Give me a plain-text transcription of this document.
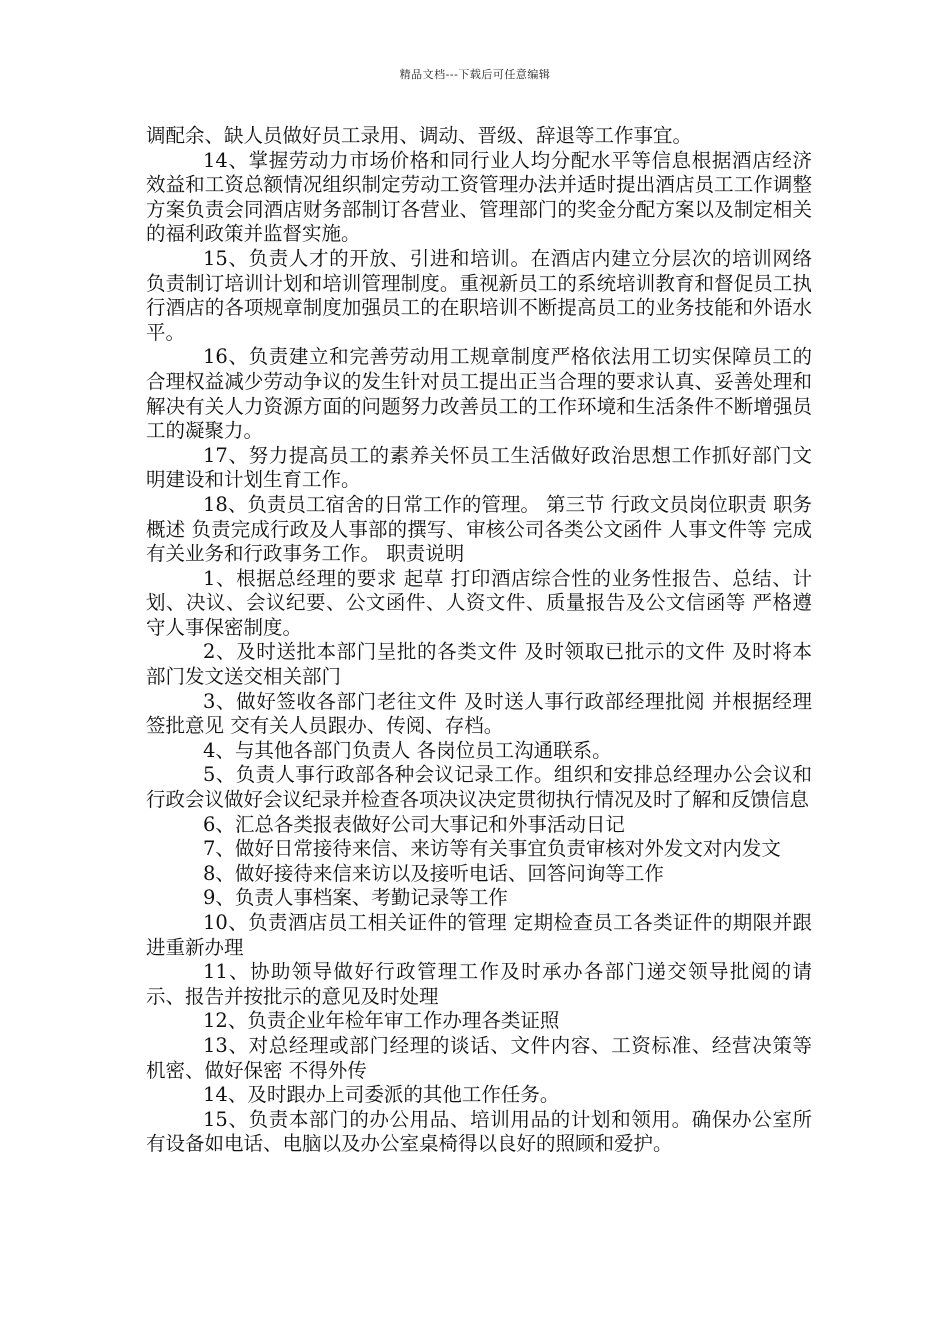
精品文档---下载后可任意编辑

调配余、缺人员做好员工录用、调动、晋级、辞退等工作事宜。

14、掌握劳动力市场价格和同行业人均分配水平等信息根据酒店经济效益和工资总额情况组织制定劳动工资管理办法并适时提出酒店员工工作调整方案负责会同酒店财务部制订各营业、管理部门的奖金分配方案以及制定相关的福利政策并监督实施。

15、负责人才的开放、引进和培训。在酒店内建立分层次的培训网络负责制订培训计划和培训管理制度。重视新员工的系统培训教育和督促员工执行酒店的各项规章制度加强员工的在职培训不断提高员工的业务技能和外语水平。

16、负责建立和完善劳动用工规章制度严格依法用工切实保障员工的合理权益减少劳动争议的发生针对员工提出正当合理的要求认真、妥善处理和解决有关人力资源方面的问题努力改善员工的工作环境和生活条件不断增强员工的凝聚力。

17、努力提高员工的素养关怀员工生活做好政治思想工作抓好部门文明建设和计划生育工作。

18、负责员工宿舍的日常工作的管理。 第三节 行政文员岗位职责 职务概述 负责完成行政及人事部的撰写、审核公司各类公文函件 人事文件等 完成有关业务和行政事务工作。 职责说明

1、根据总经理的要求 起草 打印酒店综合性的业务性报告、总结、计划、决议、会议纪要、公文函件、人资文件、质量报告及公文信函等 严格遵守人事保密制度。

2、及时送批本部门呈批的各类文件 及时领取已批示的文件 及时将本部门发文送交相关部门

3、做好签收各部门老往文件 及时送人事行政部经理批阅 并根据经理签批意见 交有关人员跟办、传阅、存档。

4、与其他各部门负责人 各岗位员工沟通联系。

5、负责人事行政部各种会议记录工作。组织和安排总经理办公会议和行政会议做好会议纪录并检查各项决议决定贯彻执行情况及时了解和反馈信息

6、汇总各类报表做好公司大事记和外事活动日记

7、做好日常接待来信、来访等有关事宜负责审核对外发文对内发文

8、做好接待来信来访以及接听电话、回答问询等工作

9、负责人事档案、考勤记录等工作

10、负责酒店员工相关证件的管理 定期检查员工各类证件的期限并跟进重新办理

11、协助领导做好行政管理工作及时承办各部门递交领导批阅的请示、报告并按批示的意见及时处理

12、负责企业年检年审工作办理各类证照

13、对总经理或部门经理的谈话、文件内容、工资标准、经营决策等机密、做好保密 不得外传

14、及时跟办上司委派的其他工作任务。

15、负责本部门的办公用品、培训用品的计划和领用。确保办公室所有设备如电话、电脑以及办公室桌椅得以良好的照顾和爱护。
